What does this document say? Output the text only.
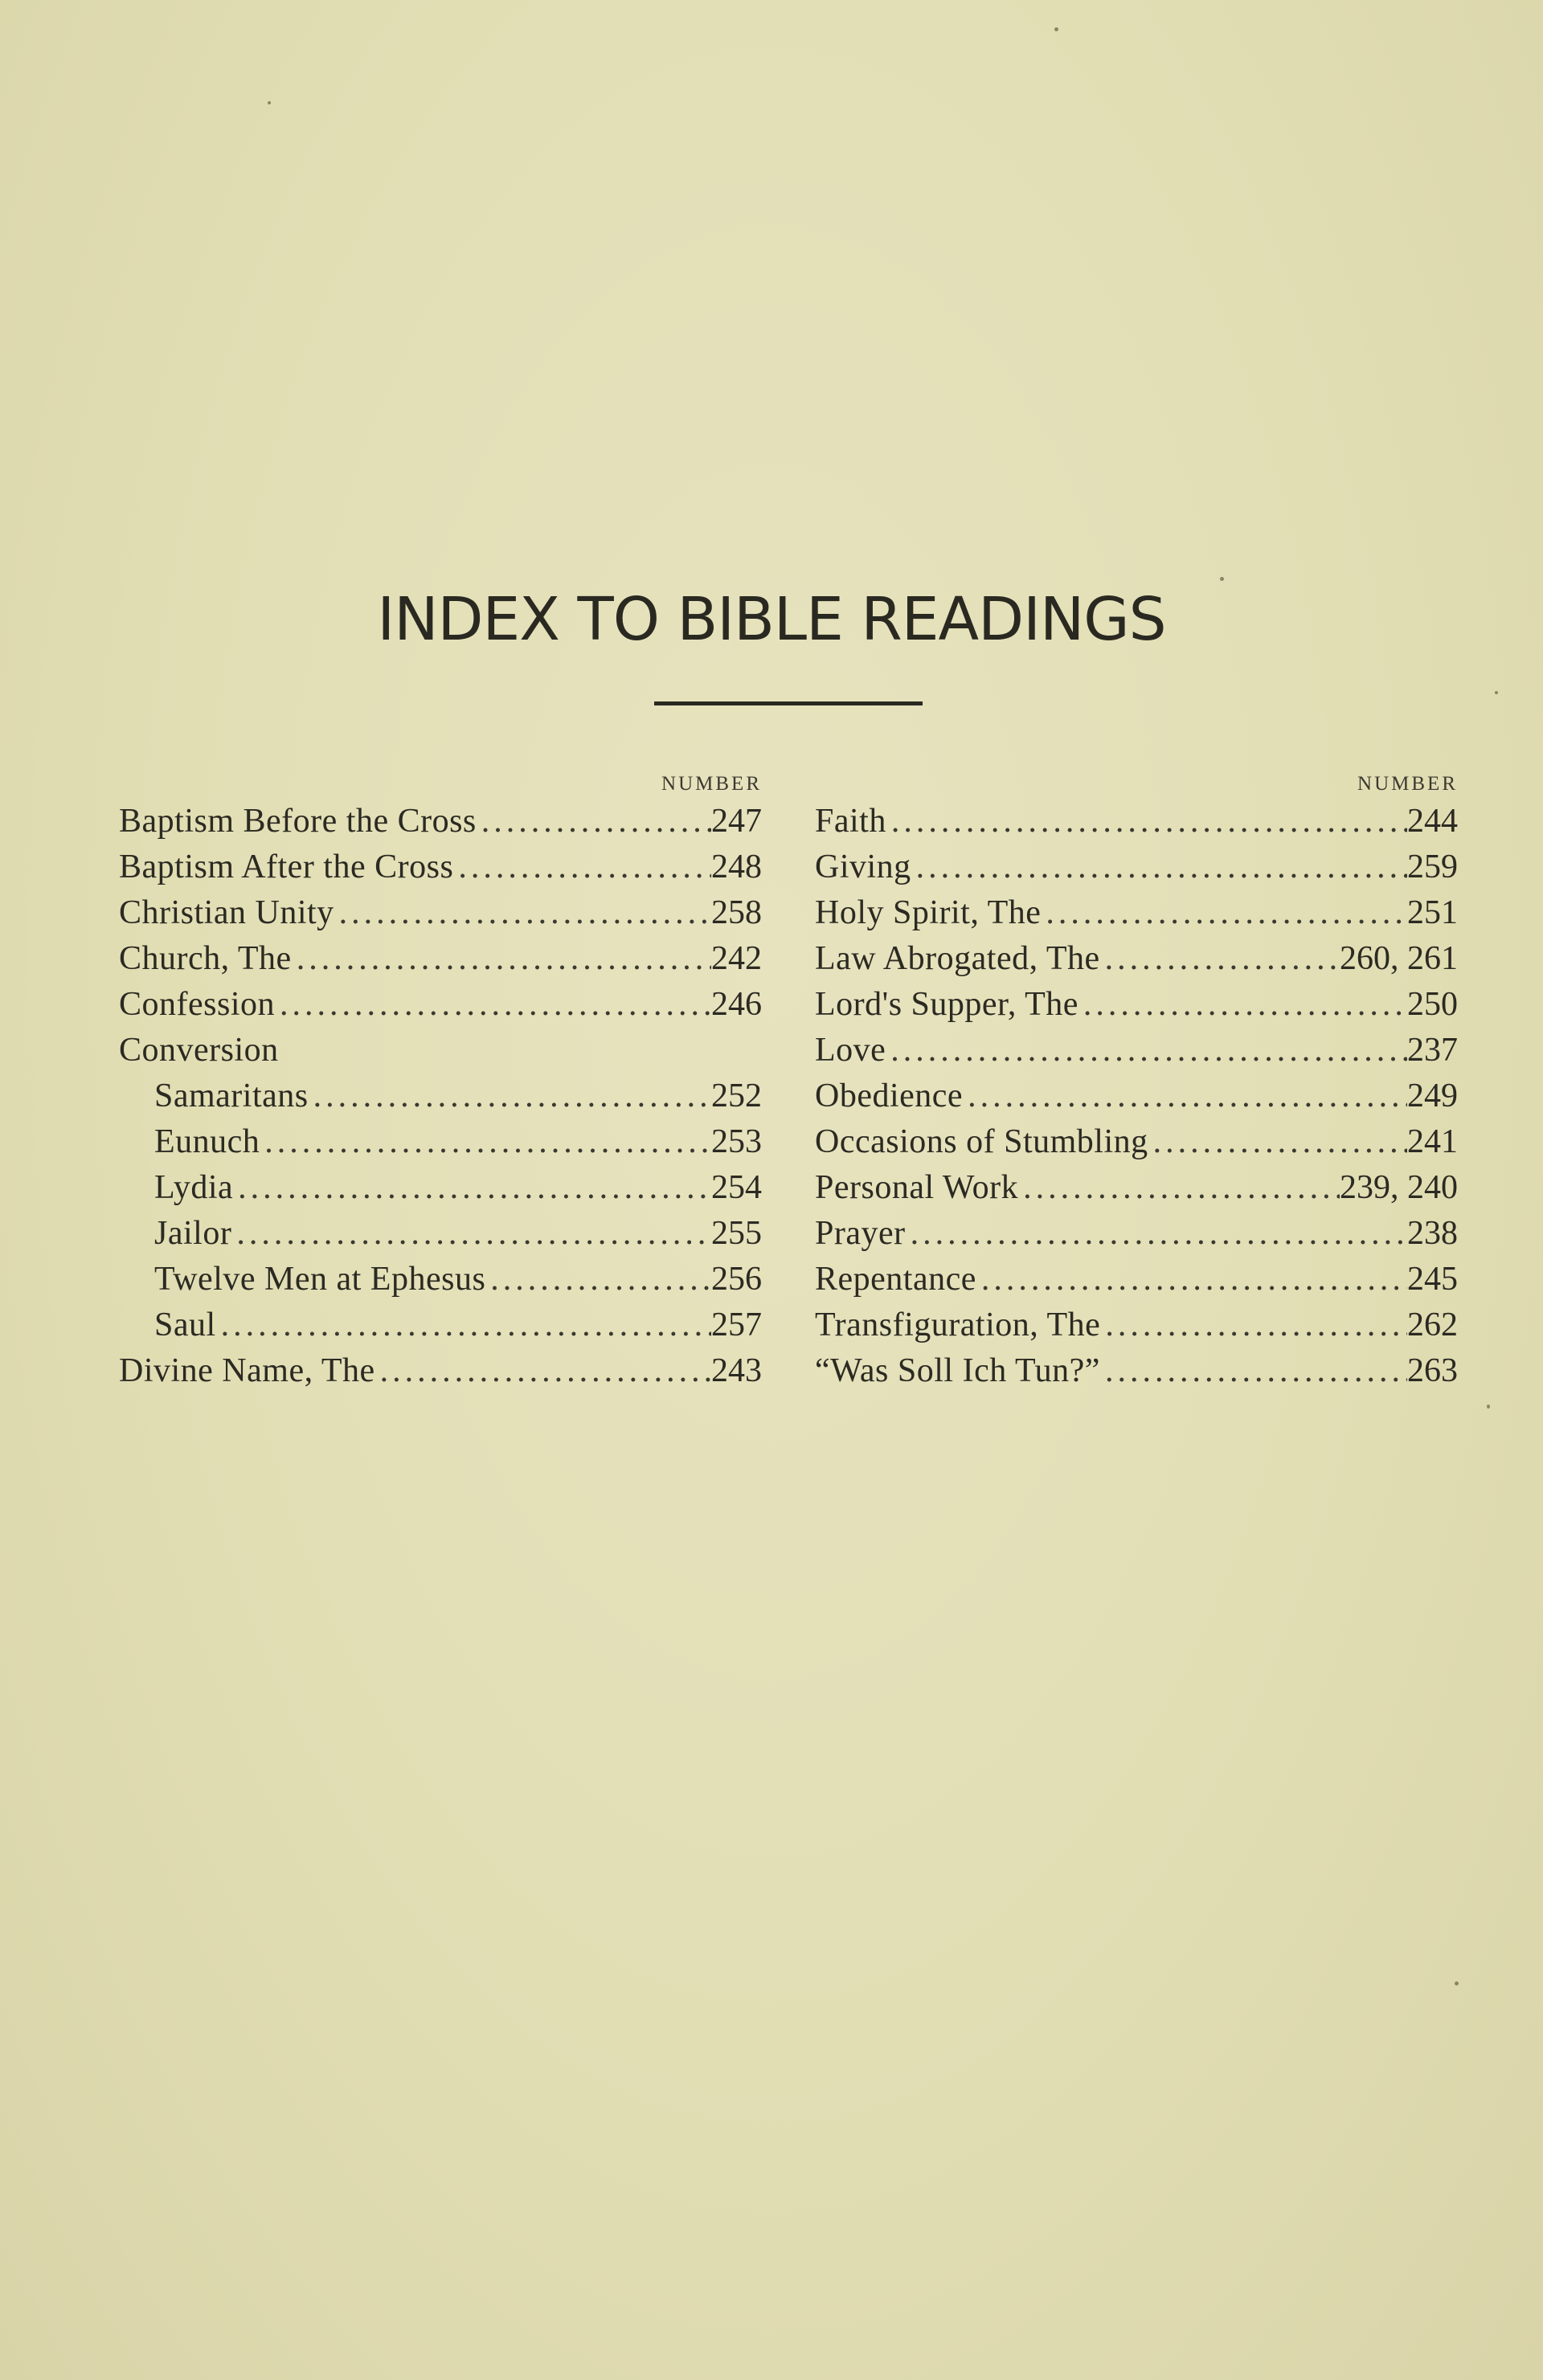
INDEX TO BIBLE READINGS
NUMBER
Baptism Before the Cross .....	247
Baptism After the Cross .....	248
Christian Unity .....	258
Church, The .....	242
Confession .....	246
Conversion
Samaritans .....	252
Eunuch .....	253
Lydia .....	254
Jailor .....	255
Twelve Men at Ephesus .....	256
Saul .....	257
Divine Name, The .....	243
NUMBER
Faith .....	244
Giving .....	259
Holy Spirit, The .....	251
Law Abrogated, The .....	260, 261
Lord's Supper, The .....	250
Love .....	237
Obedience .....	249
Occasions of Stumbling .....	241
Personal Work .....	239, 240
Prayer .....	238
Repentance .....	245
Transfiguration, The .....	262
“Was Soll Ich Tun?” .....	263
